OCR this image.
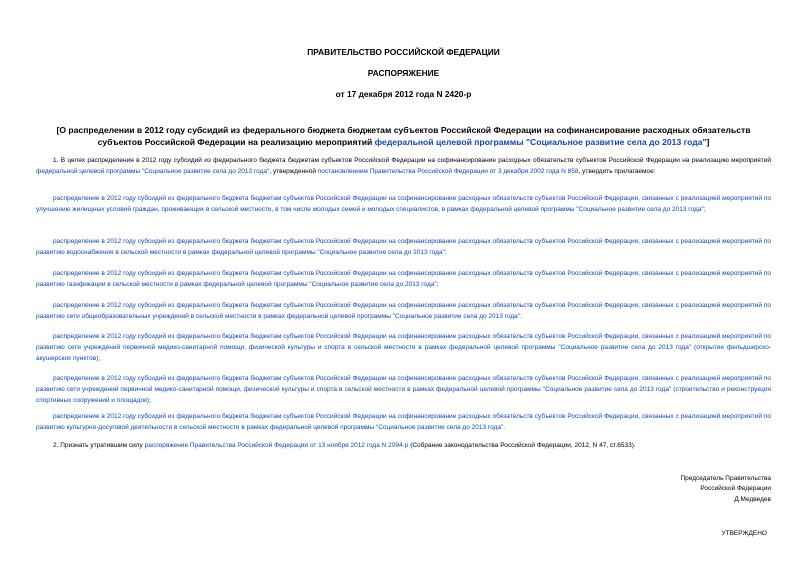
ПРАВИТЕЛЬСТВО РОССИЙСКОЙ ФЕДЕРАЦИИ
РАСПОРЯЖЕНИЕ
от 17 декабря 2012 года N 2420-р
[О распределении в 2012 году субсидий из федерального бюджета бюджетам субъектов Российской Федерации на софинансирование расходных обязательств субъектов Российской Федерации на реализацию мероприятий федеральной целевой программы "Социальное развитие села до 2013 года"]
1. В целях распределения в 2012 году субсидий из федерального бюджета бюджетам субъектов Российской Федерации на софинансирование расходных обязательств субъектов Российской Федерации на реализацию мероприятий федеральной целевой программы "Социальное развитие села до 2013 года", утвержденной постановлением Правительства Российской Федерации от 3 декабря 2002 года N 858, утвердить прилагаемое:
распределение в 2012 году субсидий из федерального бюджета бюджетам субъектов Российской Федерации на софинансирование расходных обязательств субъектов Российской Федерации, связанных с реализацией мероприятий по улучшению жилищных условий граждан, проживающих в сельской местности, в том числе молодых семей и молодых специалистов, в рамках федеральной целевой программы "Социальное развитие села до 2013 года";
распределение в 2012 году субсидий из федерального бюджета бюджетам субъектов Российской Федерации на софинансирование расходных обязательств субъектов Российской Федерации, связанных с реализацией мероприятий по развитию водоснабжения в сельской местности в рамках федеральной целевой программы "Социальное развитие села до 2013 года";
распределение в 2012 году субсидий из федерального бюджета бюджетам субъектов Российской Федерации на софинансирование расходных обязательств субъектов Российской Федерации, связанных с реализацией мероприятий по развитию газификации в сельской местности в рамках федеральной целевой программы "Социальное развитие села до 2013 года";
распределение в 2012 году субсидий из федерального бюджета бюджетам субъектов Российской Федерации на софинансирование расходных обязательств субъектов Российской Федерации, связанных с реализацией мероприятий по развитию сети общеобразовательных учреждений в сельской местности в рамках федеральной целевой программы "Социальное развитие села до 2013 года";
распределение в 2012 году субсидий из федерального бюджета бюджетам субъектов Российской Федерации на софинансирование расходных обязательств субъектов Российской Федерации, связанных с реализацией мероприятий по развитию сети учреждений первичной медико-санитарной помощи, физической культуры и спорта в сельской местности в рамках федеральной целевой программы "Социальное развитие села до 2013 года" (открытие фельдшерско-акушерских пунктов);
распределение в 2012 году субсидий из федерального бюджета бюджетам субъектов Российской Федерации на софинансирование расходных обязательств субъектов Российской Федерации, связанных с реализацией мероприятий по развитию сети учреждений первичной медико-санитарной помощи, физической культуры и спорта в сельской местности в рамках федеральной целевой программы "Социальное развитие села до 2013 года" (строительство и реконструкция спортивных сооружений и площадок);
распределение в 2012 году субсидий из федерального бюджета бюджетам субъектов Российской Федерации на софинансирование расходных обязательств субъектов Российской Федерации, связанных с реализацией мероприятий по развитию культурно-досуговой деятельности в сельской местности в рамках федеральной целевой программы "Социальное развитие села до 2013 года".
2. Признать утратившим силу распоряжение Правительства Российской Федерации от 13 ноября 2012 года N 2094-р (Собрание законодательства Российской Федерации, 2012, N 47, ст.6533).
Председатель Правительства
Российской Федерации
Д.Медведев
УТВЕРЖДЕНО
